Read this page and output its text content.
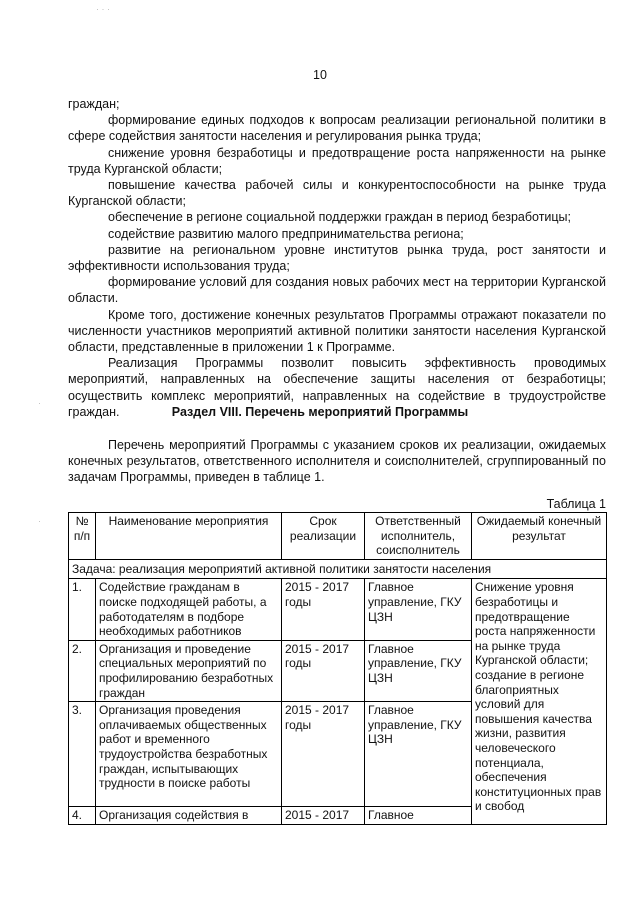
· · ·
·
·
10

граждан;

формирование единых подходов к вопросам реализации региональной политики в сфере содействия занятости населения и регулирования рынка труда;

снижение уровня безработицы и предотвращение роста напряженности на рынке труда Курганской области;

повышение качества рабочей силы и конкурентоспособности на рынке труда Курганской области;

обеспечение в регионе социальной поддержки граждан в период безработицы;

содействие развитию малого предпринимательства региона;

развитие на региональном уровне институтов рынка труда, рост занятости и эффективности использования труда;

формирование условий для создания новых рабочих мест на территории Курганской области.

Кроме того, достижение конечных результатов Программы отражают показатели по численности участников мероприятий активной политики занятости населения Курганской области, представленные в приложении 1 к Программе.

Реализация Программы позволит повысить эффективность проводимых мероприятий, направленных на обеспечение защиты населения от безработицы; осуществить комплекс мероприятий, направленных на содействие в трудоустройстве граждан.	Раздел VIII. Перечень мероприятий Программы

Перечень мероприятий Программы с указанием сроков их реализации, ожидаемых конечных результатов, ответственного исполнителя и соисполнителей, сгруппированный по задачам Программы, приведен в таблице 1.

Таблица 1
№ п/п	Наименование мероприятия	Срок реализации	Ответственный исполнитель, соисполнитель	Ожидаемый конечный результат
Задача: реализация мероприятий активной политики занятости населения				
1.	Содействие гражданам в поиске подходящей работы, а работодателям в подборе необходимых работников	2015 - 2017 годы	Главное управление, ГКУ ЦЗН	Снижение уровня безработицы и предотвращение роста напряженности на рынке труда Курганской области; создание в регионе благоприятных условий для повышения качества жизни, развития человеческого потенциала, обеспечения конституционных прав и свобод
2.	Организация и проведение специальных мероприятий по профилированию безработных граждан	2015 - 2017 годы	Главное управление, ГКУ ЦЗН	
3.	Организация проведения оплачиваемых общественных работ и временного трудоустройства безработных граждан, испытывающих трудности в поиске работы	2015 - 2017 годы	Главное управление, ГКУ ЦЗН	
4.	Организация содействия в	2015 - 2017	Главное	
